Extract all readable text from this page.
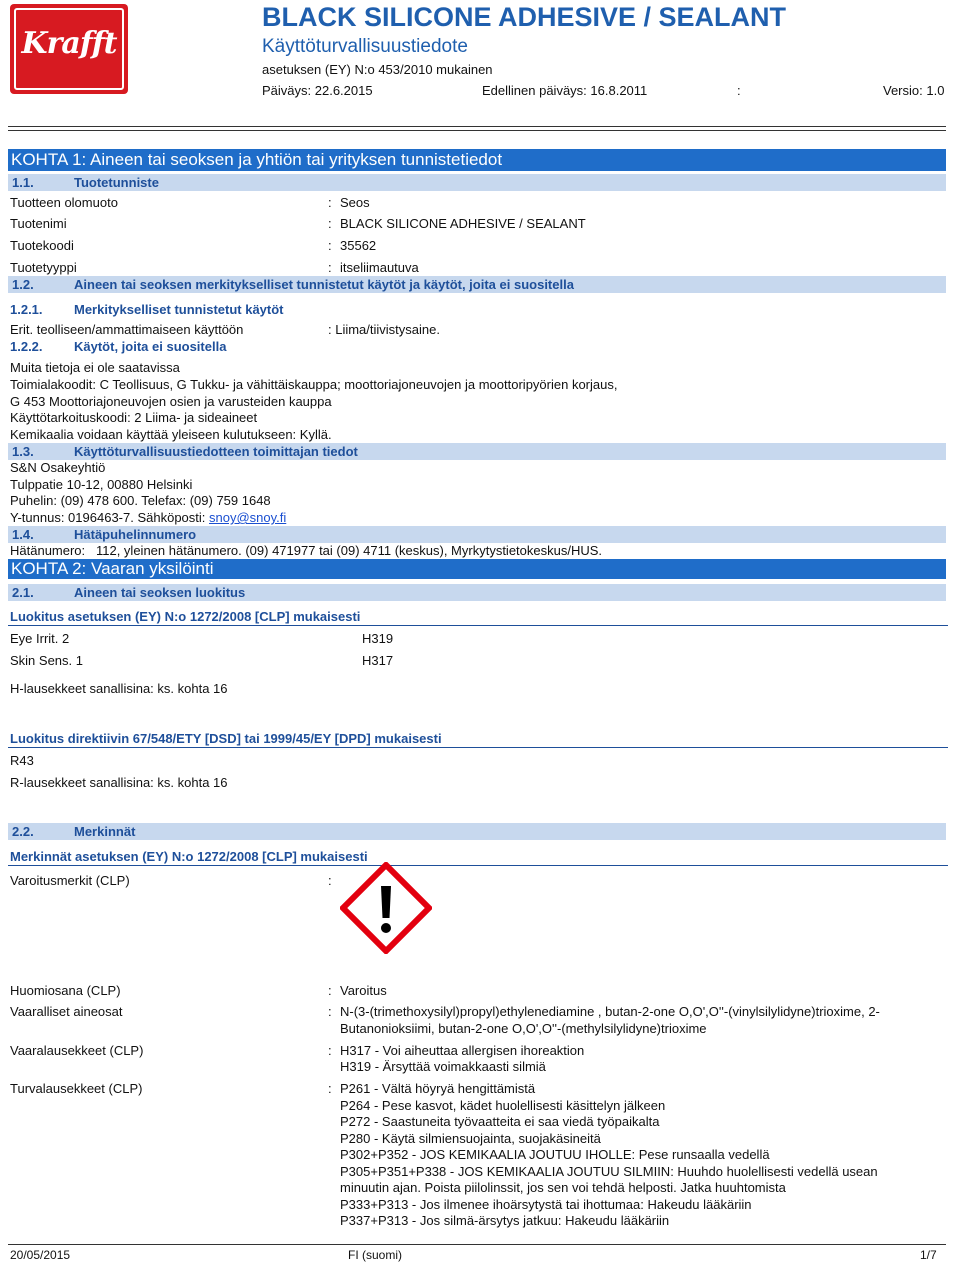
Krafft
BLACK SILICONE ADHESIVE / SEALANT
Käyttöturvallisuustiedote
asetuksen (EY) N:o 453/2010 mukainen
Päiväys: 22.6.2015	Edellinen päiväys: 16.8.2011	:	Versio: 1.0
KOHTA 1: Aineen tai seoksen ja yhtiön tai yrityksen tunnistetiedot
1.1.	Tuotetunniste
Tuotteen olomuoto	: Seos
Tuotenimi	: BLACK SILICONE ADHESIVE / SEALANT
Tuotekoodi	: 35562
Tuotetyyppi	: itseliimautuva
1.2.	Aineen tai seoksen merkitykselliset tunnistetut käytöt ja käytöt, joita ei suositella
1.2.1. Merkitykselliset tunnistetut käytöt
Erit. teolliseen/ammattimaiseen käyttöön	: Liima/tiivistysaine.
1.2.2. Käytöt, joita ei suositella
Muita tietoja ei ole saatavissa
Toimialakoodit: C Teollisuus, G Tukku- ja vähittäiskauppa; moottoriajoneuvojen ja moottoripyörien korjaus,
G 453 Moottoriajoneuvojen osien ja varusteiden kauppa
Käyttötarkoituskoodi: 2 Liima- ja sideaineet
Kemikaalia voidaan käyttää yleiseen kulutukseen: Kyllä.
1.3.	Käyttöturvallisuustiedotteen toimittajan tiedot
S&N Osakeyhtiö
Tulppatie 10-12, 00880 Helsinki
Puhelin: (09) 478 600. Telefax: (09) 759 1648
Y-tunnus: 0196463-7. Sähköposti: snoy@snoy.fi
1.4.	Hätäpuhelinnumero
Hätänumero:   112, yleinen hätänumero. (09) 471977 tai (09) 4711 (keskus), Myrkytystietokeskus/HUS.
KOHTA 2: Vaaran yksilöinti
2.1.	Aineen tai seoksen luokitus
Luokitus asetuksen (EY) N:o 1272/2008 [CLP] mukaisesti
Eye Irrit. 2	H319
Skin Sens. 1	H317
H-lausekkeet sanallisina: ks. kohta 16
Luokitus direktiivin 67/548/ETY [DSD] tai 1999/45/EY [DPD] mukaisesti
R43
R-lausekkeet sanallisina: ks. kohta 16
2.2.	Merkinnät
Merkinnät asetuksen (EY) N:o 1272/2008 [CLP] mukaisesti
Varoitusmerkit (CLP)	:
Huomiosana (CLP)	: Varoitus
Vaaralliset aineosat	: N-(3-(trimethoxysilyl)propyl)ethylenediamine , butan-2-one O,O',O''-(vinylsilylidyne)trioxime, 2-
Butanonioksiimi, butan-2-one O,O',O''-(methylsilylidyne)trioxime
Vaaralausekkeet (CLP)	: H317 - Voi aiheuttaa allergisen ihoreaktion
H319 - Ärsyttää voimakkaasti silmiä
Turvalausekkeet (CLP)	: P261 - Vältä höyryä hengittämistä
P264 - Pese kasvot, kädet huolellisesti käsittelyn jälkeen
P272 - Saastuneita työvaatteita ei saa viedä työpaikalta
P280 - Käytä silmiensuojainta, suojakäsineitä
P302+P352 - JOS KEMIKAALIA JOUTUU IHOLLE: Pese runsaalla vedellä
P305+P351+P338 - JOS KEMIKAALIA JOUTUU SILMIIN: Huuhdo huolellisesti vedellä usean
minuutin ajan. Poista piilolinssit, jos sen voi tehdä helposti. Jatka huuhtomista
P333+P313 - Jos ilmenee ihoärsytystä tai ihottumaa: Hakeudu lääkäriin
P337+P313 - Jos silmä-ärsytys jatkuu: Hakeudu lääkäriin
20/05/2015	FI (suomi)	1/7
